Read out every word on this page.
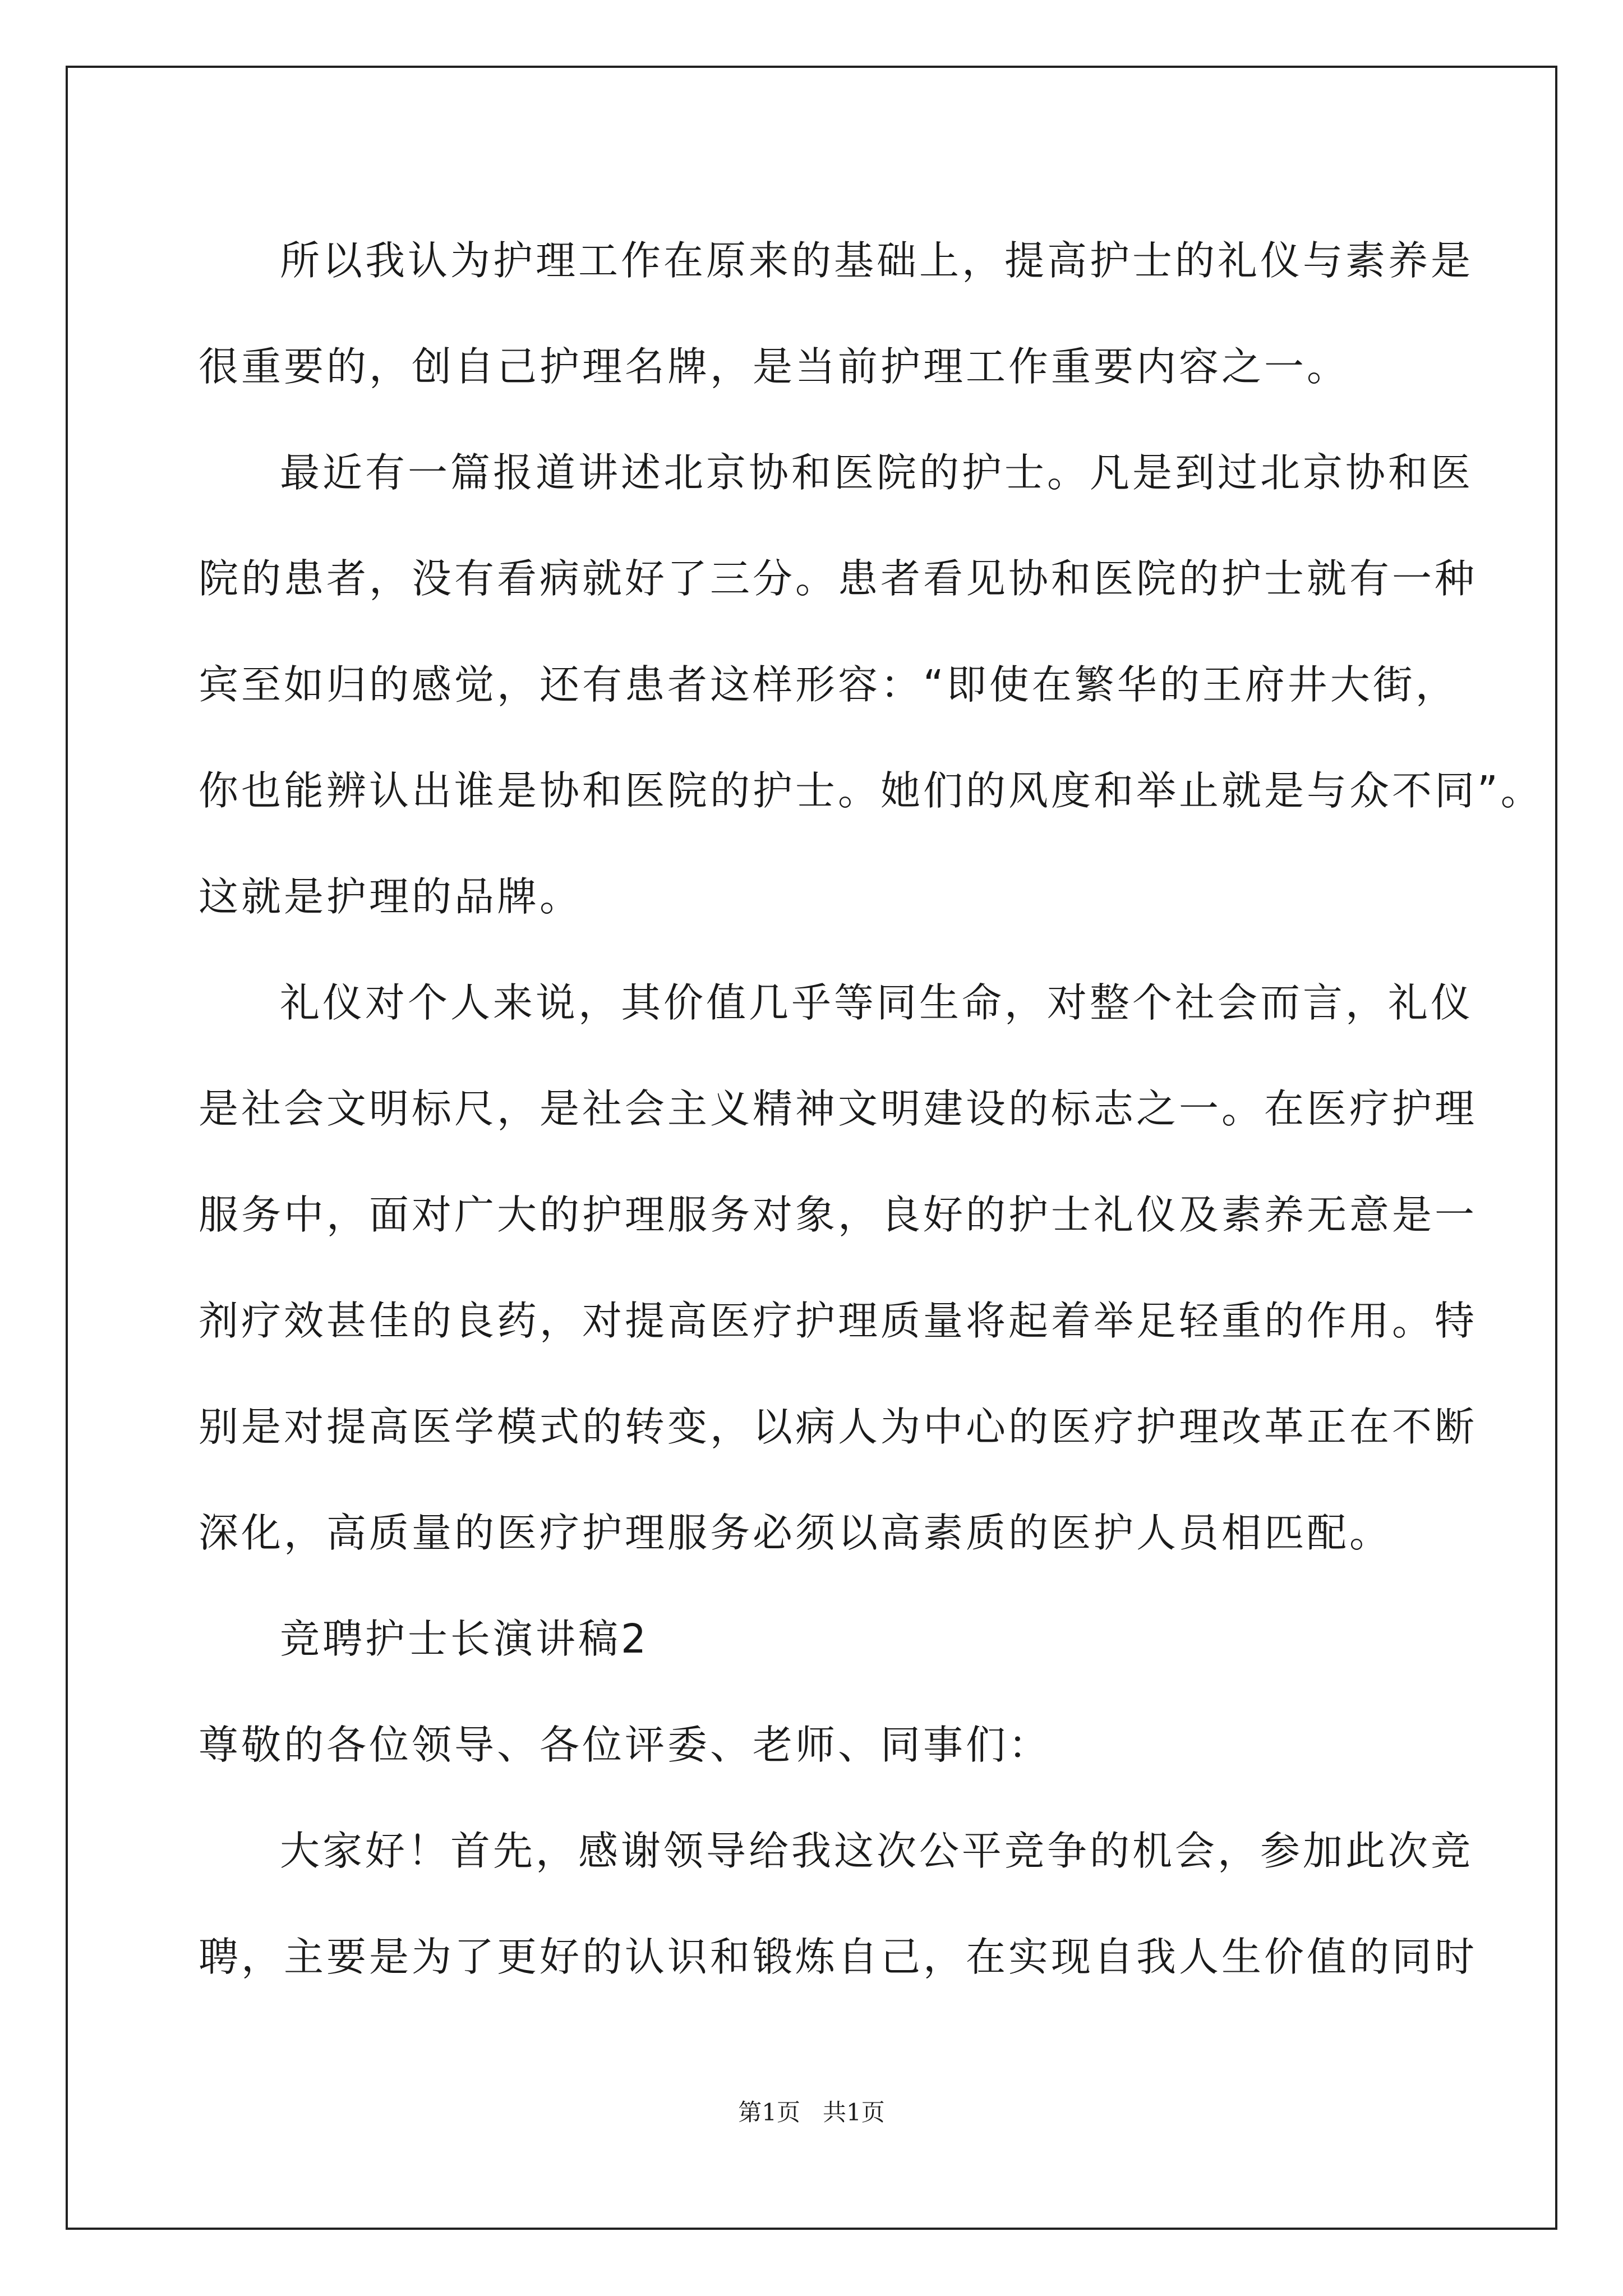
所以我认为护理工作在原来的基础上，提高护士的礼仪与素养是
很重要的，创自己护理名牌，是当前护理工作重要内容之一。
最近有一篇报道讲述北京协和医院的护士。凡是到过北京协和医
院的患者，没有看病就好了三分。患者看见协和医院的护士就有一种
宾至如归的感觉，还有患者这样形容：“即使在繁华的王府井大街，
你也能辨认出谁是协和医院的护士。她们的风度和举止就是与众不同”。
这就是护理的品牌。
礼仪对个人来说，其价值几乎等同生命，对整个社会而言，礼仪
是社会文明标尺，是社会主义精神文明建设的标志之一。在医疗护理
服务中，面对广大的护理服务对象，良好的护士礼仪及素养无意是一
剂疗效甚佳的良药，对提高医疗护理质量将起着举足轻重的作用。特
别是对提高医学模式的转变，以病人为中心的医疗护理改革正在不断
深化，高质量的医疗护理服务必须以高素质的医护人员相匹配。
竞聘护士长演讲稿2
尊敬的各位领导、各位评委、老师、同事们：
大家好！首先，感谢领导给我这次公平竞争的机会，参加此次竞
聘，主要是为了更好的认识和锻炼自己，在实现自我人生价值的同时
第1页   共1页
